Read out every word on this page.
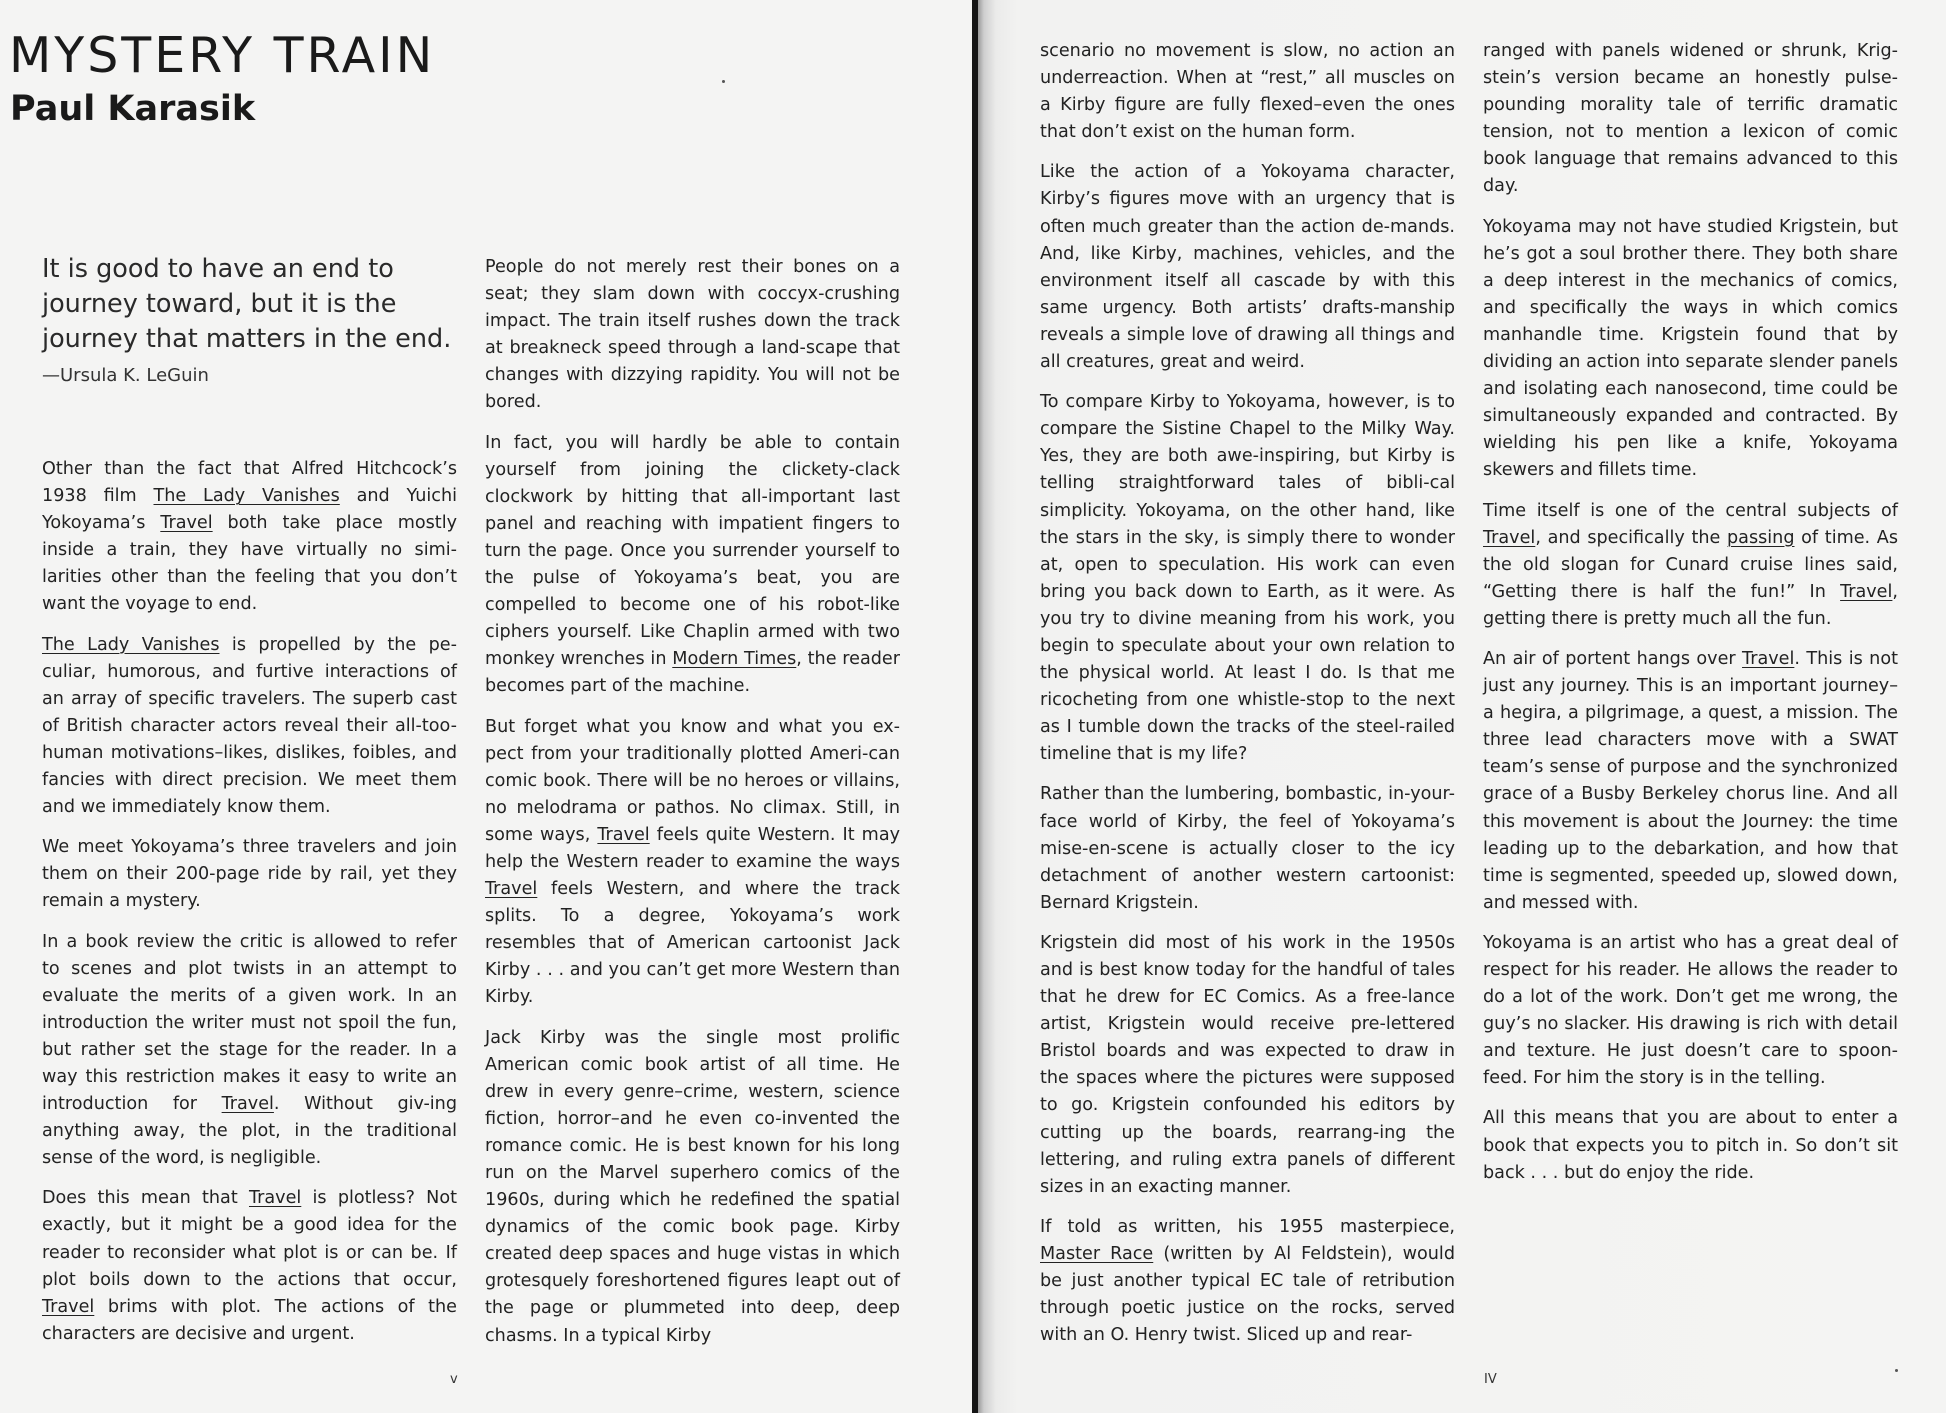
MYSTERY TRAIN
Paul Karasik
It is good to have an end to
journey toward, but it is the
journey that matters in the end.
—Ursula K. LeGuin

Other than the fact that Alfred Hitchcock’s 1938 film The Lady Vanishes and Yuichi Yokoyama’s Travel both take place mostly inside a train, they have virtually no simi-larities other than the feeling that you don’t want the voyage to end.

The Lady Vanishes is propelled by the pe-culiar, humorous, and furtive interactions of an array of specific travelers. The superb cast of British character actors reveal their all-too-human motivations–likes, dislikes, foibles, and fancies with direct precision. We meet them and we immediately know them.

We meet Yokoyama’s three travelers and join them on their 200-page ride by rail, yet they remain a mystery.

In a book review the critic is allowed to refer to scenes and plot twists in an attempt to evaluate the merits of a given work. In an introduction the writer must not spoil the fun, but rather set the stage for the reader. In a way this restriction makes it easy to write an introduction for Travel. Without giv-ing anything away, the plot, in the traditional sense of the word, is negligible.

Does this mean that Travel is plotless? Not exactly, but it might be a good idea for the reader to reconsider what plot is or can be. If plot boils down to the actions that occur, Travel brims with plot. The actions of the characters are decisive and urgent.

People do not merely rest their bones on a seat; they slam down with coccyx-crushing impact. The train itself rushes down the track at breakneck speed through a land-scape that changes with dizzying rapidity. You will not be bored.

In fact, you will hardly be able to contain yourself from joining the clickety-clack clockwork by hitting that all-important last panel and reaching with impatient fingers to turn the page. Once you surrender yourself to the pulse of Yokoyama’s beat, you are compelled to become one of his robot-like ciphers yourself. Like Chaplin armed with two monkey wrenches in Modern Times, the reader becomes part of the machine.

But forget what you know and what you ex-pect from your traditionally plotted Ameri-can comic book. There will be no heroes or villains, no melodrama or pathos. No climax. Still, in some ways, Travel feels quite Western. It may help the Western reader to examine the ways Travel feels Western, and where the track splits. To a degree, Yokoyama’s work resembles that of American cartoonist Jack Kirby . . . and you can’t get more Western than Kirby.

Jack Kirby was the single most prolific American comic book artist of all time. He drew in every genre–crime, western, science fiction, horror–and he even co-invented the romance comic. He is best known for his long run on the Marvel superhero comics of the 1960s, during which he redefined the spatial dynamics of the comic book page. Kirby created deep spaces and huge vistas in which grotesquely foreshortened figures leapt out of the page or plummeted into deep, deep chasms. In a typical Kirby

v	IV

scenario no movement is slow, no action an underreaction. When at “rest,” all muscles on a Kirby figure are fully flexed–even the ones that don’t exist on the human form.

Like the action of a Yokoyama character, Kirby’s figures move with an urgency that is often much greater than the action de-mands. And, like Kirby, machines, vehicles, and the environment itself all cascade by with this same urgency. Both artists’ drafts-manship reveals a simple love of drawing all things and all creatures, great and weird.

To compare Kirby to Yokoyama, however, is to compare the Sistine Chapel to the Milky Way. Yes, they are both awe-inspiring, but Kirby is telling straightforward tales of bibli-cal simplicity. Yokoyama, on the other hand, like the stars in the sky, is simply there to wonder at, open to speculation. His work can even bring you back down to Earth, as it were. As you try to divine meaning from his work, you begin to speculate about your own relation to the physical world. At least I do. Is that me ricocheting from one whistle-stop to the next as I tumble down the tracks of the steel-railed timeline that is my life?

Rather than the lumbering, bombastic, in-your-face world of Kirby, the feel of Yokoyama’s mise-en-scene is actually closer to the icy detachment of another western cartoonist: Bernard Krigstein.

Krigstein did most of his work in the 1950s and is best know today for the handful of tales that he drew for EC Comics. As a free-lance artist, Krigstein would receive pre-lettered Bristol boards and was expected to draw in the spaces where the pictures were supposed to go. Krigstein confounded his editors by cutting up the boards, rearrang-ing the lettering, and ruling extra panels of different sizes in an exacting manner.

If told as written, his 1955 masterpiece, Master Race (written by Al Feldstein), would be just another typical EC tale of retribution through poetic justice on the rocks, served with an O. Henry twist. Sliced up and rear-

ranged with panels widened or shrunk, Krig-stein’s version became an honestly pulse-pounding morality tale of terrific dramatic tension, not to mention a lexicon of comic book language that remains advanced to this day.

Yokoyama may not have studied Krigstein, but he’s got a soul brother there. They both share a deep interest in the mechanics of comics, and specifically the ways in which comics manhandle time. Krigstein found that by dividing an action into separate slender panels and isolating each nanosecond, time could be simultaneously expanded and contracted. By wielding his pen like a knife, Yokoyama skewers and fillets time.

Time itself is one of the central subjects of Travel, and specifically the passing of time. As the old slogan for Cunard cruise lines said, “Getting there is half the fun!” In Travel, getting there is pretty much all the fun.

An air of portent hangs over Travel. This is not just any journey. This is an important journey–a hegira, a pilgrimage, a quest, a mission. The three lead characters move with a SWAT team’s sense of purpose and the synchronized grace of a Busby Berkeley chorus line. And all this movement is about the Journey: the time leading up to the debarkation, and how that time is segmented, speeded up, slowed down, and messed with.

Yokoyama is an artist who has a great deal of respect for his reader. He allows the reader to do a lot of the work. Don’t get me wrong, the guy’s no slacker. His drawing is rich with detail and texture. He just doesn’t care to spoon-feed. For him the story is in the telling.

All this means that you are about to enter a book that expects you to pitch in. So don’t sit back . . . but do enjoy the ride.
